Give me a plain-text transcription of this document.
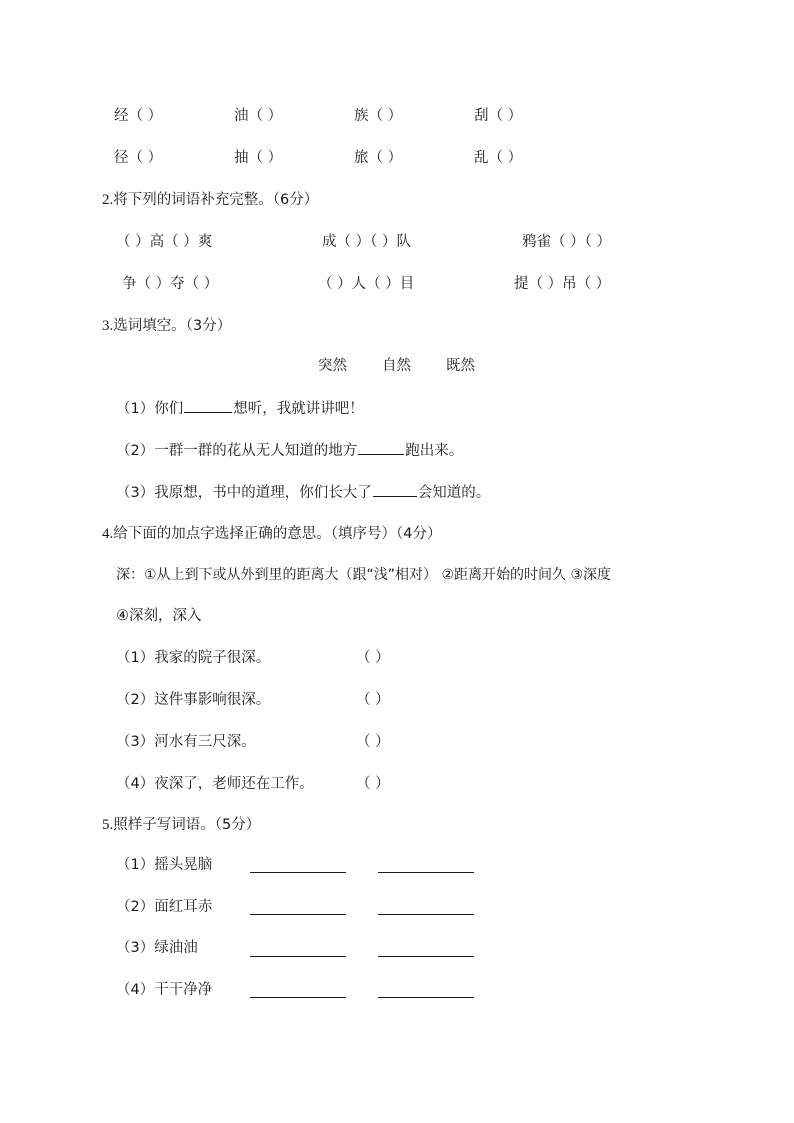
经（ ）	油（ ）	族（ ）	刮（ ）
径（ ）	抽（ ）	旅（ ）	乱（ ）
2.将下列的词语补充完整。（6分）
（ ）高（ ）爽	成（ ）（ ）队	鸦雀（ ）（ ）
争（ ）夺（ ）	（ ）人（ ）目	提（ ）吊（ ）
3.选词填空。（3分）
突然 自然 既然
（1）你们	想听，我就讲讲吧！
（2）一群一群的花从无人知道的地方	跑出来。
（3）我原想，书中的道理，你们长大了	会知道的。
4.给下面的加点字选择正确的意思。（填序号）（4分）
深：①从上到下或从外到里的距离大（跟“浅”相对） ②距离开始的时间久 ③深度
④深刻，深入
（1）我家的院子很深。	（ ）
（2）这件事影响很深。	（ ）
（3）河水有三尺深。	（ ）
（4）夜深了，老师还在工作。	（ ）
5.照样子写词语。（5分）
（1）摇头晃脑
（2）面红耳赤
（3）绿油油
（4）干干净净
